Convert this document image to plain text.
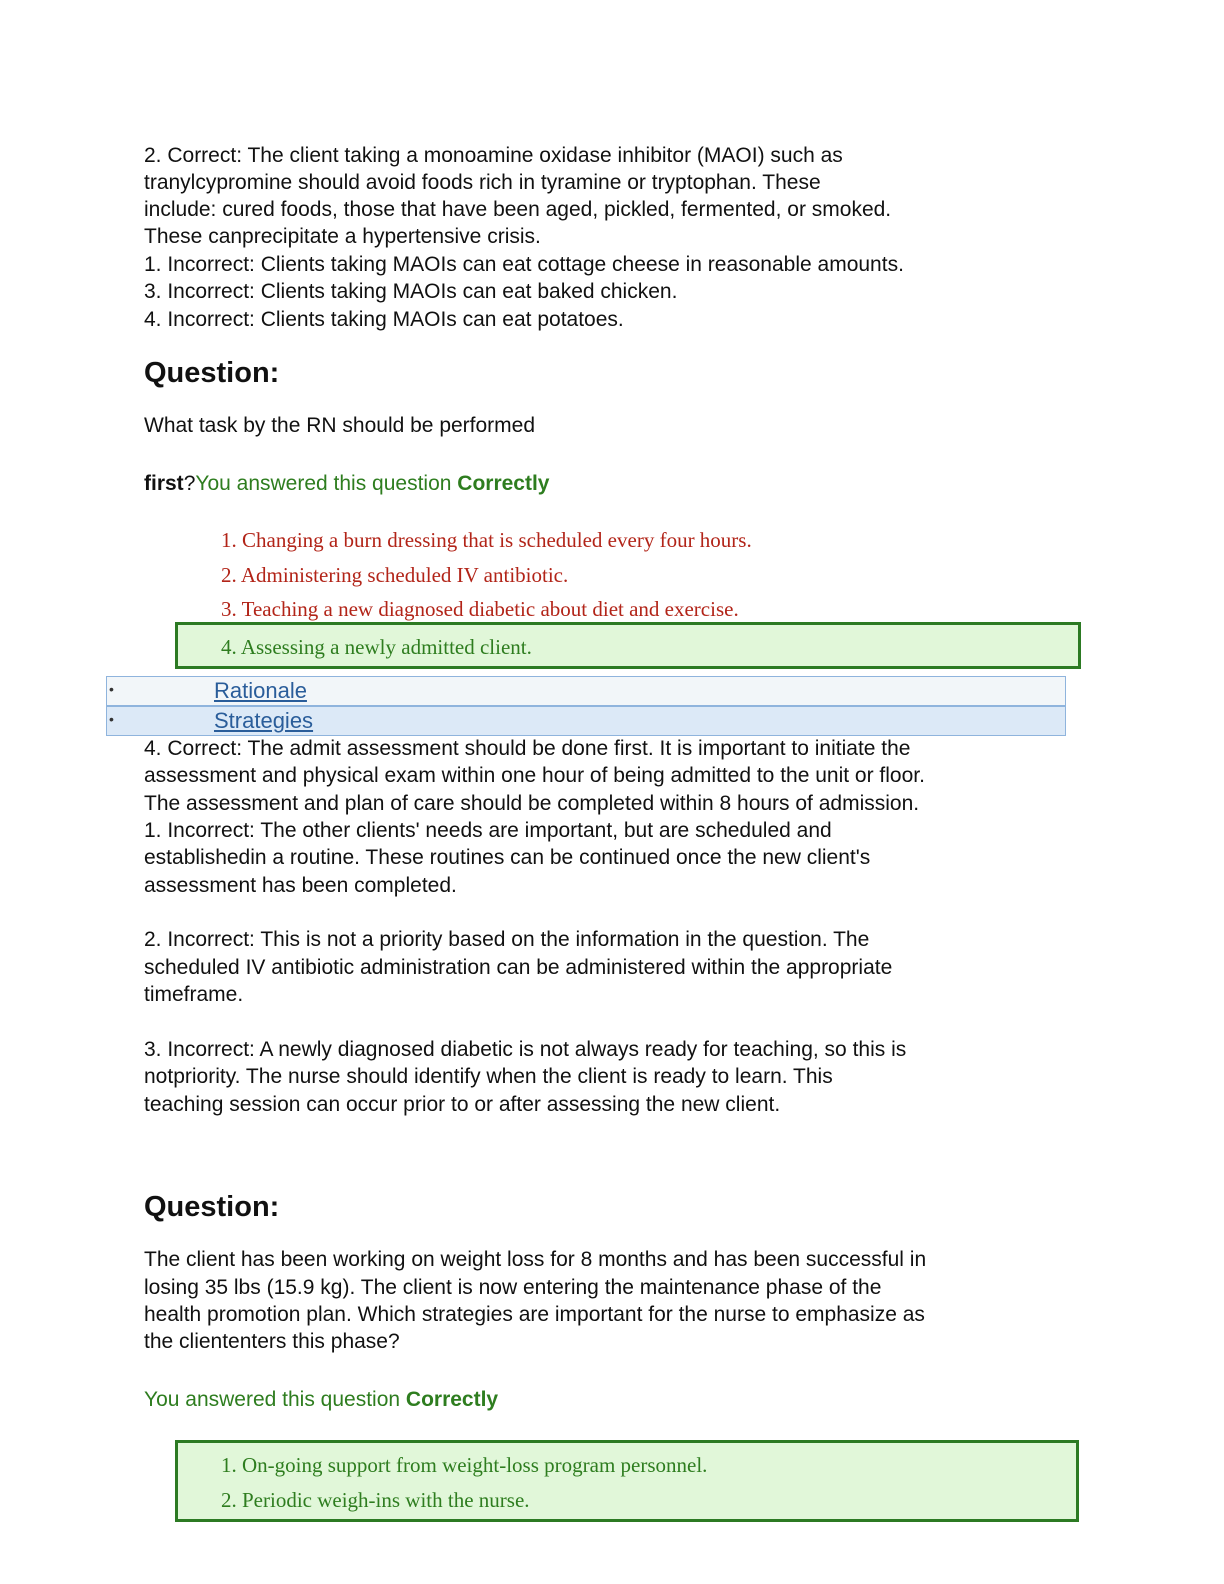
2. Correct: The client taking a monoamine oxidase inhibitor (MAOI) such as
tranylcypromine should avoid foods rich in tyramine or tryptophan. These
include: cured foods, those that have been aged, pickled, fermented, or smoked.
These canprecipitate a hypertensive crisis.
1. Incorrect: Clients taking MAOIs can eat cottage cheese in reasonable amounts.
3. Incorrect: Clients taking MAOIs can eat baked chicken.
4. Incorrect: Clients taking MAOIs can eat potatoes.
Question:
What task by the RN should be performed
first?You answered this question Correctly
1. Changing a burn dressing that is scheduled every four hours.
2. Administering scheduled IV antibiotic.
3. Teaching a new diagnosed diabetic about diet and exercise.
4. Assessing a newly admitted client.
•	Rationale
•	Strategies
4. Correct: The admit assessment should be done first. It is important to initiate the
assessment and physical exam within one hour of being admitted to the unit or floor.
The assessment and plan of care should be completed within 8 hours of admission.
1. Incorrect: The other clients' needs are important, but are scheduled and
establishedin a routine. These routines can be continued once the new client's
assessment has been completed.
2. Incorrect: This is not a priority based on the information in the question. The
scheduled IV antibiotic administration can be administered within the appropriate
timeframe.
3. Incorrect: A newly diagnosed diabetic is not always ready for teaching, so this is
notpriority. The nurse should identify when the client is ready to learn. This
teaching session can occur prior to or after assessing the new client.
Question:
The client has been working on weight loss for 8 months and has been successful in
losing 35 lbs (15.9 kg). The client is now entering the maintenance phase of the
health promotion plan. Which strategies are important for the nurse to emphasize as
the cliententers this phase?
You answered this question Correctly
1. On-going support from weight-loss program personnel.
2. Periodic weigh-ins with the nurse.
